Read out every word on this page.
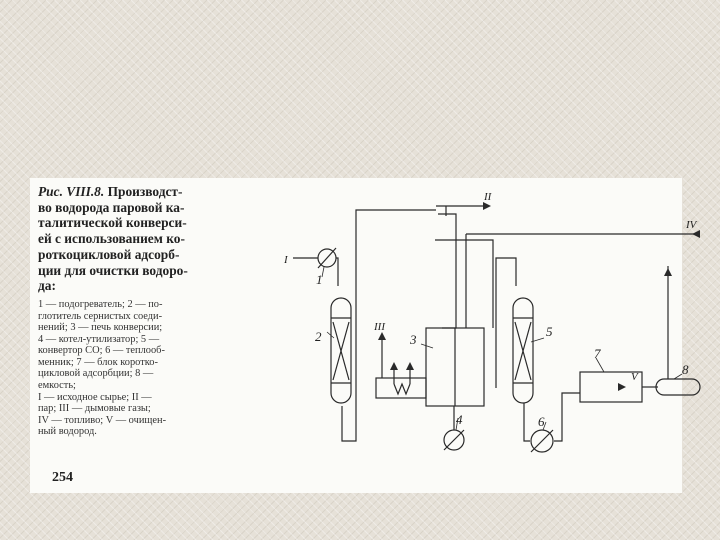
Рис. VIII.8. Производст-

во водорода паровой ка-

талитической конверси-

ей с использованием ко-

роткоцикловой адсорб-

ции для очистки водоро-

да:

1 — подогреватель; 2 — по-

глотитель сернистых соеди-

нений; 3 — печь конверсии;

4 — котел-утилизатор; 5 —

конвертор CO; 6 — теплооб-

менник; 7 — блок коротко-

цикловой адсорбции; 8 —

емкость;

I — исходное сырье; II —

пар; III — дымовые газы;

IV — топливо; V — очищен-

ный водород.

254
1
2	3
4
5
6
7
8
I
II
III
IV
V
